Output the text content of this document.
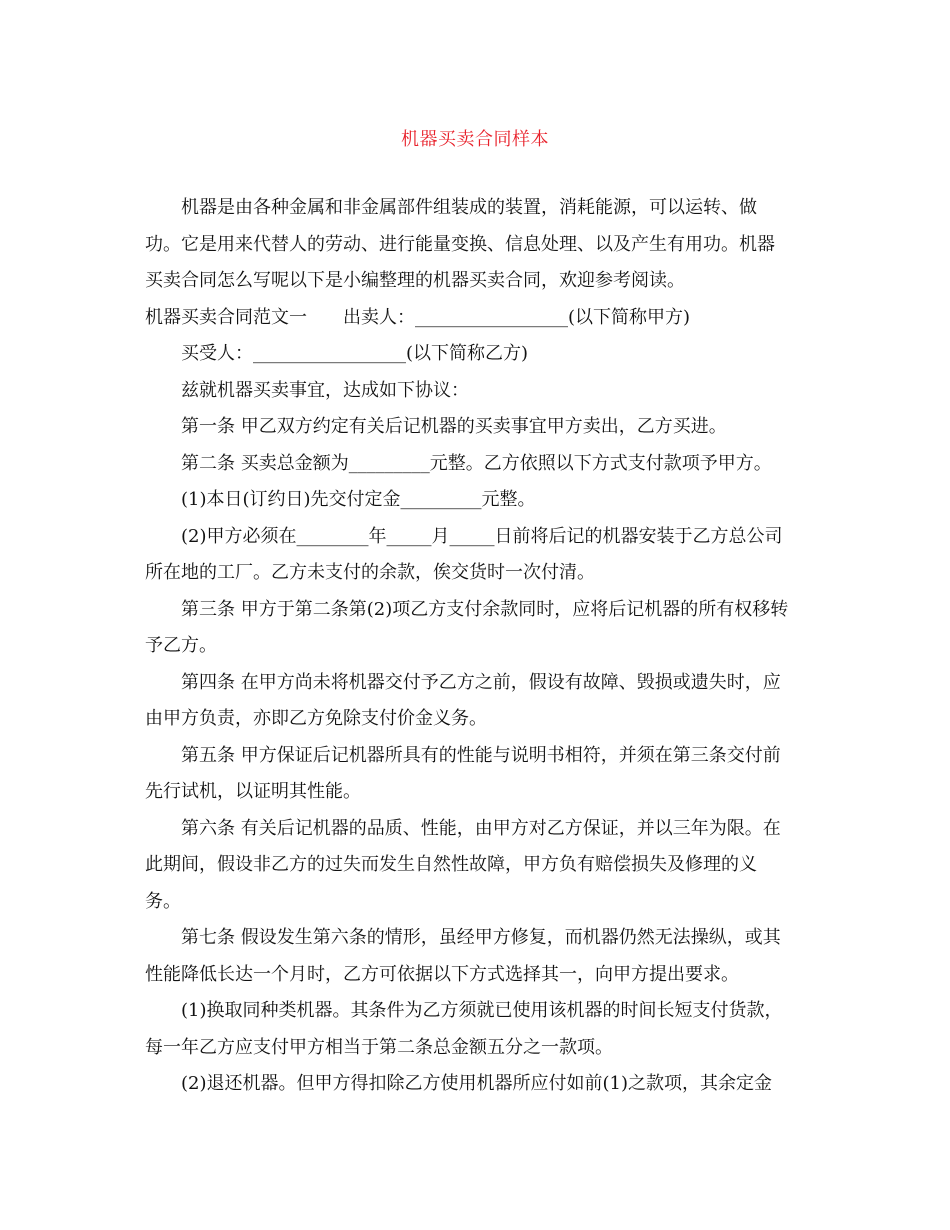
机器买卖合同样本
机器是由各种金属和非金属部件组装成的装置，消耗能源，可以运转、做
功。它是用来代替人的劳动、进行能量变换、信息处理、以及产生有用功。机器
买卖合同怎么写呢以下是小编整理的机器买卖合同，欢迎参考阅读。
机器买卖合同范文一　　出卖人：_________________(以下简称甲方)
买受人：_________________(以下简称乙方)
兹就机器买卖事宜，达成如下协议：
第一条 甲乙双方约定有关后记机器的买卖事宜甲方卖出，乙方买进。
第二条 买卖总金额为_________元整。乙方依照以下方式支付款项予甲方。
(1)本日(订约日)先交付定金_________元整。
(2)甲方必须在________年_____月_____日前将后记的机器安装于乙方总公司
所在地的工厂。乙方未支付的余款，俟交货时一次付清。
第三条 甲方于第二条第(2)项乙方支付余款同时，应将后记机器的所有权移转
予乙方。
第四条 在甲方尚未将机器交付予乙方之前，假设有故障、毁损或遗失时，应
由甲方负责，亦即乙方免除支付价金义务。
第五条 甲方保证后记机器所具有的性能与说明书相符，并须在第三条交付前
先行试机，以证明其性能。
第六条 有关后记机器的品质、性能，由甲方对乙方保证，并以三年为限。在
此期间，假设非乙方的过失而发生自然性故障，甲方负有赔偿损失及修理的义
务。
第七条 假设发生第六条的情形，虽经甲方修复，而机器仍然无法操纵，或其
性能降低长达一个月时，乙方可依据以下方式选择其一，向甲方提出要求。
(1)换取同种类机器。其条件为乙方须就已使用该机器的时间长短支付货款，
每一年乙方应支付甲方相当于第二条总金额五分之一款项。
(2)退还机器。但甲方得扣除乙方使用机器所应付如前(1)之款项，其余定金
